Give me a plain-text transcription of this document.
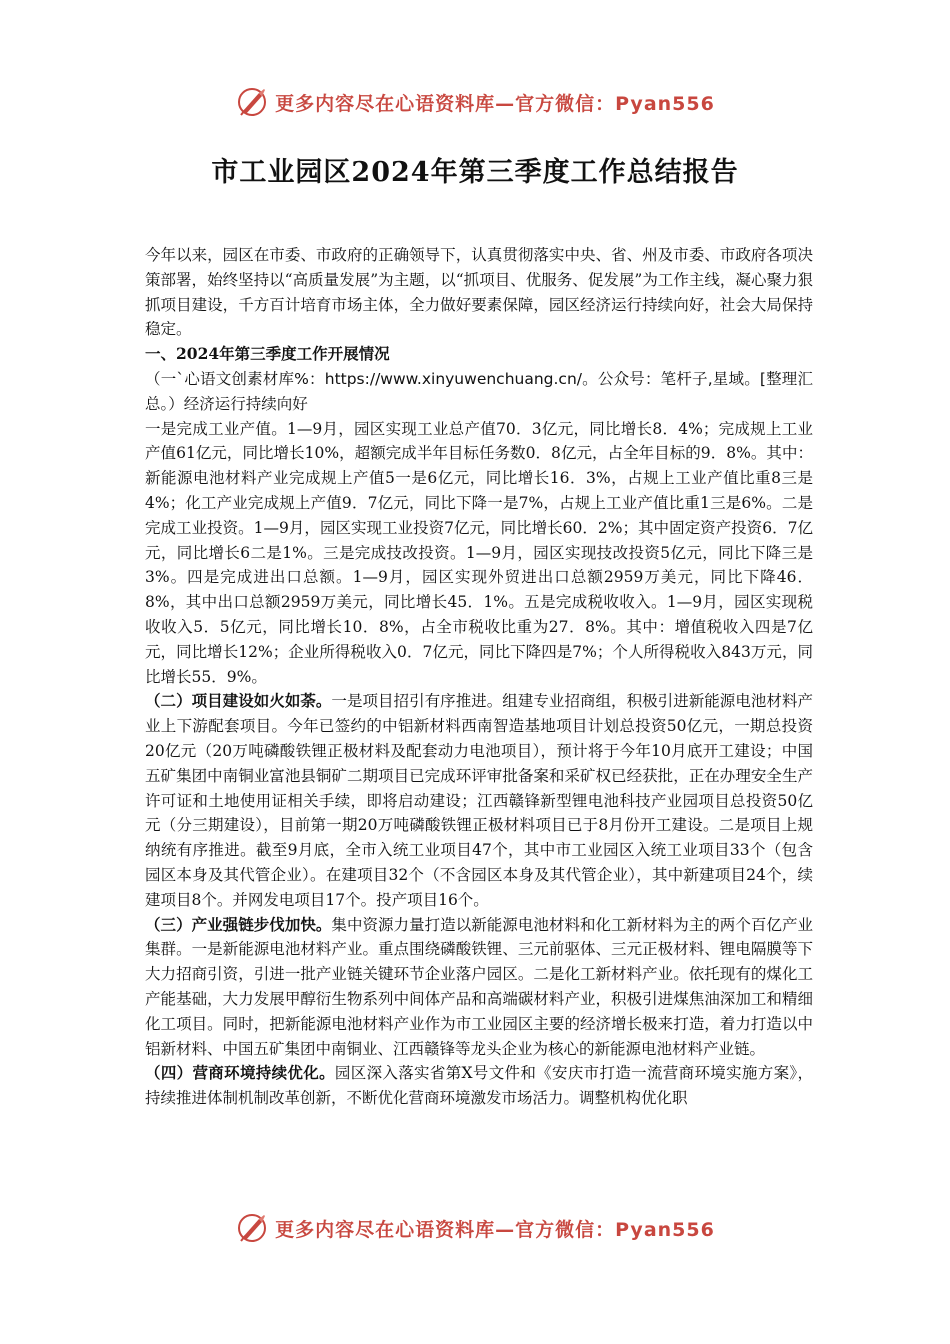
更多内容尽在心语资料库—官方微信：Pyan556
市工业园区2024年第三季度工作总结报告

今年以来，园区在市委、市政府的正确领导下，认真贯彻落实中央、省、州及市委、市政府各项决策部署，始终坚持以“高质量发展”为主题，以“抓项目、优服务、促发展”为工作主线，凝心聚力狠抓项目建设，千方百计培育市场主体，全力做好要素保障，园区经济运行持续向好，社会大局保持稳定。

一、2024年第三季度工作开展情况

（一`心语文创素材库%：https://www.xinyuwenchuang.cn/。公众号：笔杆子,星域。[整理汇总。）经济运行持续向好

一是完成工业产值。1—9月，园区实现工业总产值70．3亿元，同比增长8．4%；完成规上工业产值61亿元，同比增长10%，超额完成半年目标任务数0．8亿元，占全年目标的9．8%。其中：新能源电池材料产业完成规上产值5一是6亿元，同比增长16．3%，占规上工业产值比重8三是4%；化工产业完成规上产值9．7亿元，同比下降一是7%，占规上工业产值比重1三是6%。二是完成工业投资。1—9月，园区实现工业投资7亿元，同比增长60．2%；其中固定资产投资6．7亿元，同比增长6二是1%。三是完成技改投资。1—9月，园区实现技改投资5亿元，同比下降三是3%。四是完成进出口总额。1—9月，园区实现外贸进出口总额2959万美元，同比下降46．8%，其中出口总额2959万美元，同比增长45．1%。五是完成税收收入。1—9月，园区实现税收收入5．5亿元，同比增长10．8%，占全市税收比重为27．8%。其中：增值税收入四是7亿元，同比增长12%；企业所得税收入0．7亿元，同比下降四是7%；个人所得税收入843万元，同比增长55．9%。

（二）项目建设如火如荼。一是项目招引有序推进。组建专业招商组，积极引进新能源电池材料产业上下游配套项目。今年已签约的中铝新材料西南智造基地项目计划总投资50亿元，一期总投资20亿元（20万吨磷酸铁锂正极材料及配套动力电池项目），预计将于今年10月底开工建设；中国五矿集团中南铜业富池县铜矿二期项目已完成环评审批备案和采矿权已经获批，正在办理安全生产许可证和土地使用证相关手续，即将启动建设；江西赣锋新型锂电池科技产业园项目总投资50亿元（分三期建设），目前第一期20万吨磷酸铁锂正极材料项目已于8月份开工建设。二是项目上规纳统有序推进。截至9月底，全市入统工业项目47个，其中市工业园区入统工业项目33个（包含园区本身及其代管企业）。在建项目32个（不含园区本身及其代管企业），其中新建项目24个，续建项目8个。并网发电项目17个。投产项目16个。

（三）产业强链步伐加快。集中资源力量打造以新能源电池材料和化工新材料为主的两个百亿产业集群。一是新能源电池材料产业。重点围绕磷酸铁锂、三元前驱体、三元正极材料、锂电隔膜等下大力招商引资，引进一批产业链关键环节企业落户园区。二是化工新材料产业。依托现有的煤化工产能基础，大力发展甲醇衍生物系列中间体产品和高端碳材料产业，积极引进煤焦油深加工和精细化工项目。同时，把新能源电池材料产业作为市工业园区主要的经济增长极来打造，着力打造以中铝新材料、中国五矿集团中南铜业、江西赣锋等龙头企业为核心的新能源电池材料产业链。

（四）营商环境持续优化。园区深入落实省第X号文件和《安庆市打造一流营商环境实施方案》，持续推进体制机制改革创新，不断优化营商环境激发市场活力。调整机构优化职

更多内容尽在心语资料库—官方微信：Pyan556
